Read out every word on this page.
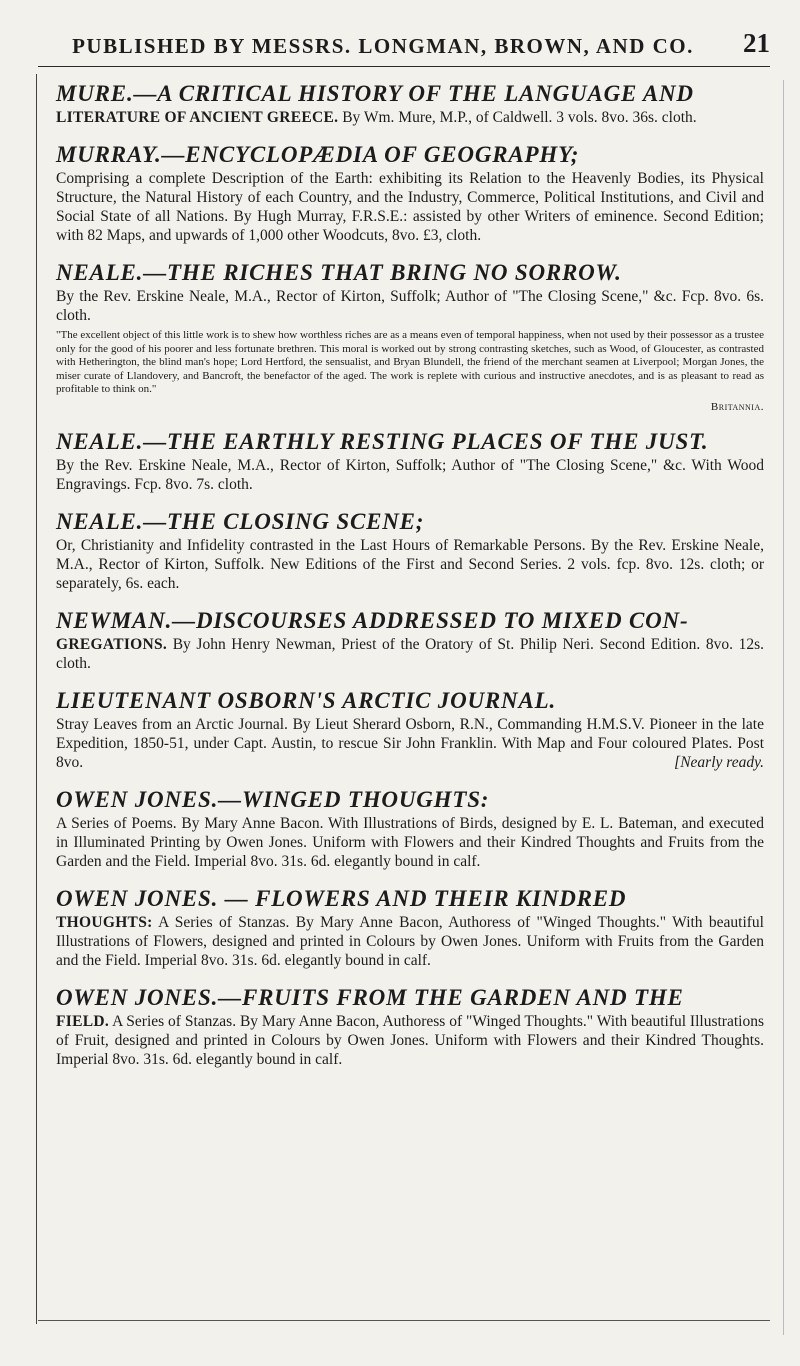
PUBLISHED BY MESSRS. LONGMAN, BROWN, AND CO.	21
MURE.—A CRITICAL HISTORY OF THE LANGUAGE AND
LITERATURE OF ANCIENT GREECE. By Wm. Mure, M.P., of Caldwell. 3 vols. 8vo. 36s. cloth.
MURRAY.—ENCYCLOPÆDIA OF GEOGRAPHY;
Comprising a complete Description of the Earth: exhibiting its Relation to the Heavenly Bodies, its Physical Structure, the Natural History of each Country, and the Industry, Commerce, Political Institutions, and Civil and Social State of all Nations. By Hugh Murray, F.R.S.E.: assisted by other Writers of eminence. Second Edition; with 82 Maps, and upwards of 1,000 other Woodcuts, 8vo. £3, cloth.
NEALE.—THE RICHES THAT BRING NO SORROW.
By the Rev. Erskine Neale, M.A., Rector of Kirton, Suffolk; Author of "The Closing Scene," &c. Fcp. 8vo. 6s. cloth.
"The excellent object of this little work is to shew how worthless riches are as a means even of temporal happiness, when not used by their possessor as a trustee only for the good of his poorer and less fortunate brethren. This moral is worked out by strong contrasting sketches, such as Wood, of Gloucester, as contrasted with Hetherington, the blind man's hope; Lord Hertford, the sensualist, and Bryan Blundell, the friend of the merchant seamen at Liverpool; Morgan Jones, the miser curate of Llandovery, and Bancroft, the benefactor of the aged. The work is replete with curious and instructive anecdotes, and is as pleasant to read as profitable to think on."
Britannia.
NEALE.—THE EARTHLY RESTING PLACES OF THE JUST.
By the Rev. Erskine Neale, M.A., Rector of Kirton, Suffolk; Author of "The Closing Scene," &c. With Wood Engravings. Fcp. 8vo. 7s. cloth.
NEALE.—THE CLOSING SCENE;
Or, Christianity and Infidelity contrasted in the Last Hours of Remarkable Persons. By the Rev. Erskine Neale, M.A., Rector of Kirton, Suffolk. New Editions of the First and Second Series. 2 vols. fcp. 8vo. 12s. cloth; or separately, 6s. each.
NEWMAN.—DISCOURSES ADDRESSED TO MIXED CON-
GREGATIONS. By John Henry Newman, Priest of the Oratory of St. Philip Neri. Second Edition. 8vo. 12s. cloth.
LIEUTENANT OSBORN'S ARCTIC JOURNAL.
Stray Leaves from an Arctic Journal. By Lieut Sherard Osborn, R.N., Commanding H.M.S.V. Pioneer in the late Expedition, 1850-51, under Capt. Austin, to rescue Sir John Franklin. With Map and Four coloured Plates. Post 8vo.	[Nearly ready.
OWEN JONES.—WINGED THOUGHTS:
A Series of Poems. By Mary Anne Bacon. With Illustrations of Birds, designed by E. L. Bateman, and executed in Illuminated Printing by Owen Jones. Uniform with Flowers and their Kindred Thoughts and Fruits from the Garden and the Field. Imperial 8vo. 31s. 6d. elegantly bound in calf.
OWEN JONES. — FLOWERS AND THEIR KINDRED
THOUGHTS: A Series of Stanzas. By Mary Anne Bacon, Authoress of "Winged Thoughts." With beautiful Illustrations of Flowers, designed and printed in Colours by Owen Jones. Uniform with Fruits from the Garden and the Field. Imperial 8vo. 31s. 6d. elegantly bound in calf.
OWEN JONES.—FRUITS FROM THE GARDEN AND THE
FIELD. A Series of Stanzas. By Mary Anne Bacon, Authoress of "Winged Thoughts." With beautiful Illustrations of Fruit, designed and printed in Colours by Owen Jones. Uniform with Flowers and their Kindred Thoughts. Imperial 8vo. 31s. 6d. elegantly bound in calf.
